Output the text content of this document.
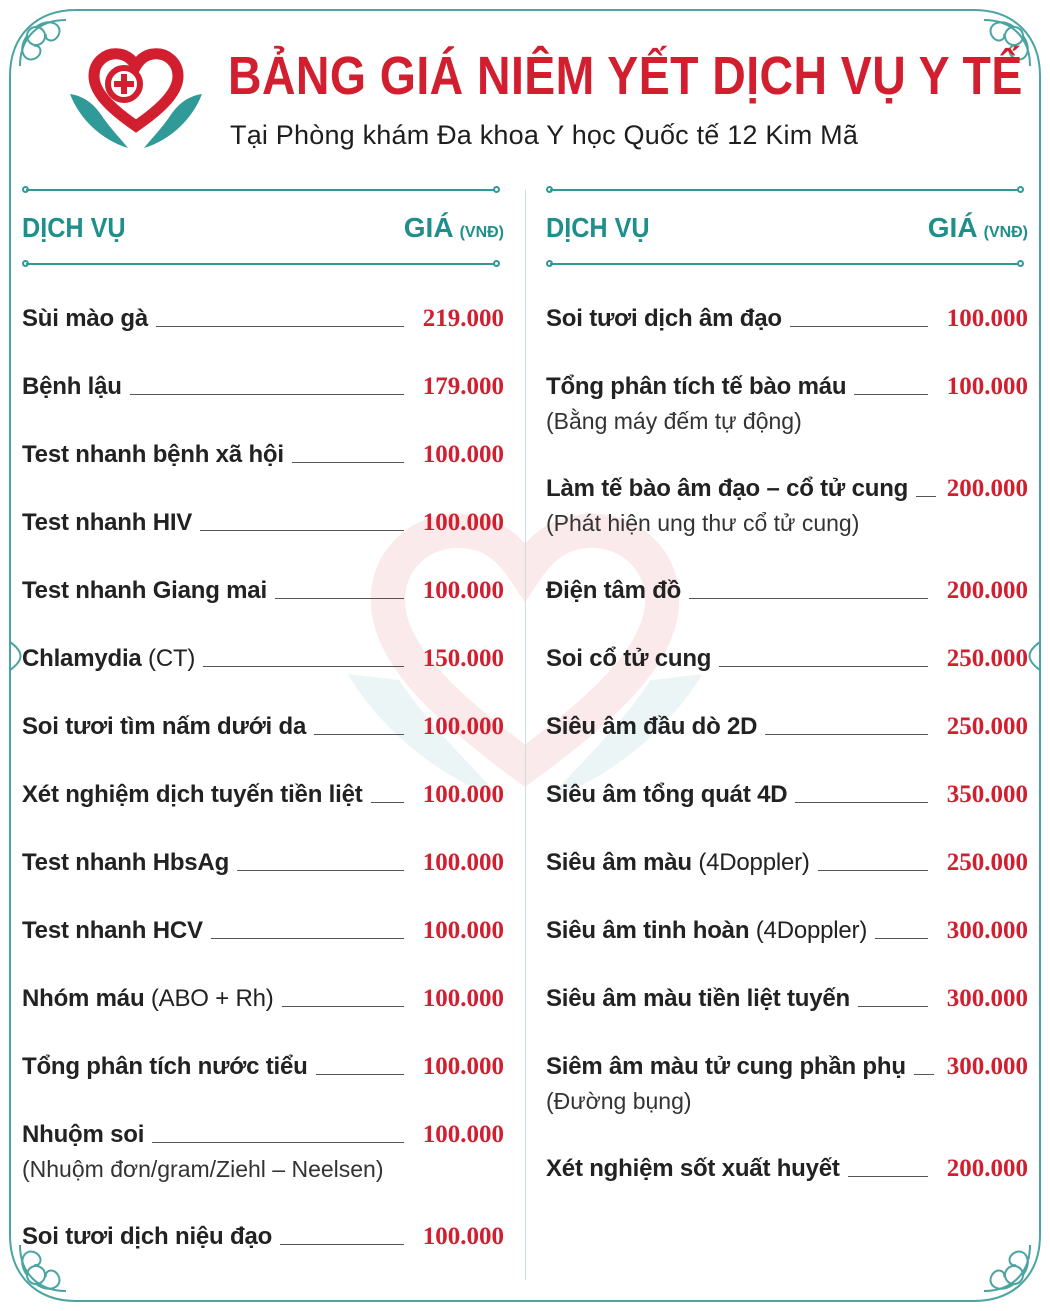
BẢNG GIÁ NIÊM YẾT DỊCH VỤ Y TẾ
Tại Phòng khám Đa khoa Y học Quốc tế 12 Kim Mã
DỊCH VỤ	GIÁ (VNĐ)
Sùi mào gà	219.000
Bệnh lậu	179.000
Test nhanh bệnh xã hội	100.000
Test nhanh HIV	100.000
Test nhanh Giang mai	100.000
Chlamydia (CT)	150.000
Soi tươi tìm nấm dưới da	100.000
Xét nghiệm dịch tuyến tiền liệt	100.000
Test nhanh HbsAg	100.000
Test nhanh HCV	100.000
Nhóm máu (ABO + Rh)	100.000
Tổng phân tích nước tiểu	100.000
Nhuộm soi	100.000
(Nhuộm đơn/gram/Ziehl – Neelsen)
Soi tươi dịch niệu đạo	100.000
DỊCH VỤ	GIÁ (VNĐ)
Soi tươi dịch âm đạo	100.000
Tổng phân tích tế bào máu	100.000
(Bằng máy đếm tự động)
Làm tế bào âm đạo – cổ tử cung 200.000
(Phát hiện ung thư cổ tử cung)
Điện tâm đồ	200.000
Soi cổ tử cung	250.000
Siêu âm đầu dò 2D	250.000
Siêu âm tổng quát 4D	350.000
Siêu âm màu (4Doppler)	250.000
Siêu âm tinh hoàn (4Doppler)	300.000
Siêu âm màu tiền liệt tuyến	300.000
Siêm âm màu tử cung phần phụ	300.000
(Đường bụng)
Xét nghiệm sốt xuất huyết	200.000
